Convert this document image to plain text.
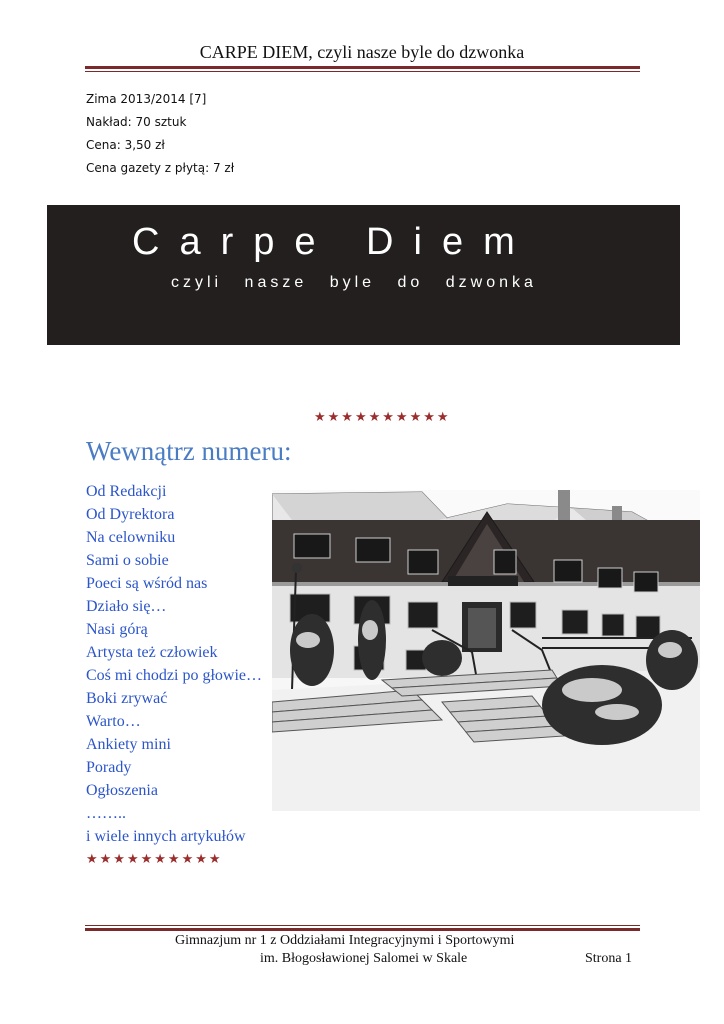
CARPE DIEM, czyli nasze byle do dzwonka
Zima 2013/2014 [7]
Nakład: 70 sztuk
Cena: 3,50 zł
Cena gazety z płytą: 7 zł
Carpe Diem
czyli nasze byle do dzwonka
★★★★★★★★★★
Wewnątrz numeru:
Od Redakcji
Od Dyrektora
Na celowniku
Sami o sobie
Poeci są wśród nas
Działo się…
Nasi górą
Artysta też człowiek
Coś mi chodzi po głowie…
Boki zrywać
Warto…
Ankiety mini
Porady
Ogłoszenia
……..
i wiele innych artykułów
★★★★★★★★★★
Gimnazjum nr 1 z Oddziałami Integracyjnymi i Sportowymi
im. Błogosławionej Salomei w Skale	Strona 1
